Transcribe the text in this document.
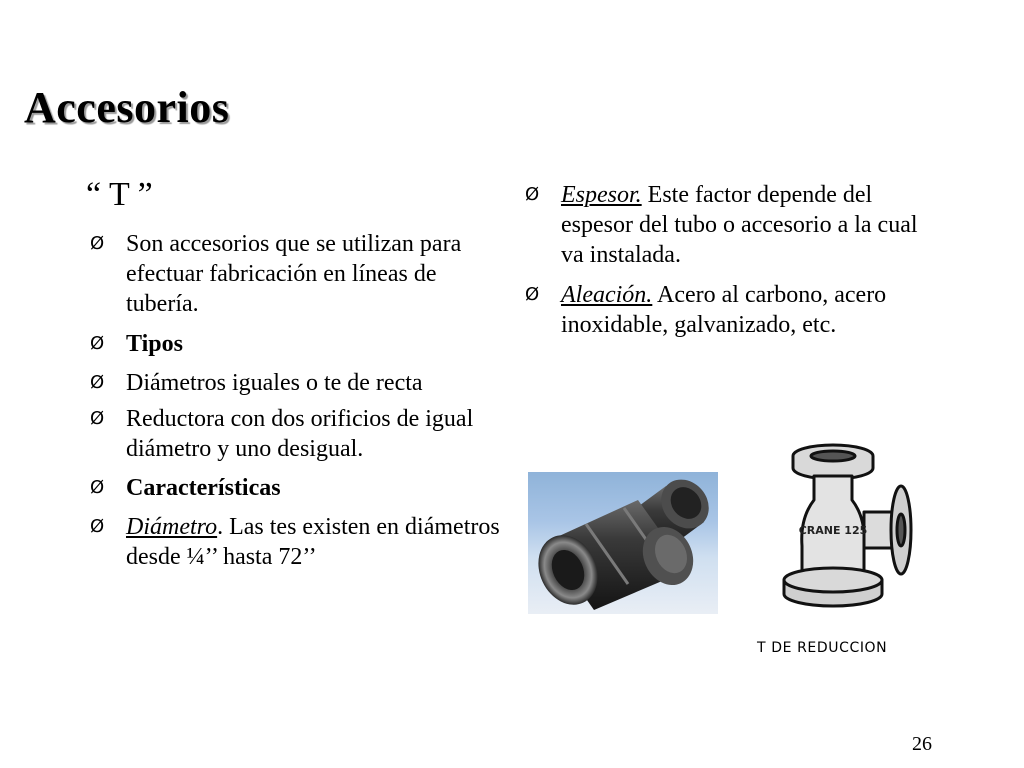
Accesorios
“ T ”
Ø Son accesorios que se utilizan para efectuar fabricación en líneas de tubería.
Ø Tipos
Ø Diámetros iguales o te de recta
Ø Reductora con dos orificios de igual diámetro y uno desigual.
Ø Características
Ø Diámetro. Las tes existen en diámetros desde ¼’’ hasta 72’’
Ø Espesor. Este factor depende del espesor del tubo o accesorio a la cual va instalada.
Ø Aleación. Acero al carbono, acero inoxidable, galvanizado, etc.
CRANE 125
T DE REDUCCION
26
